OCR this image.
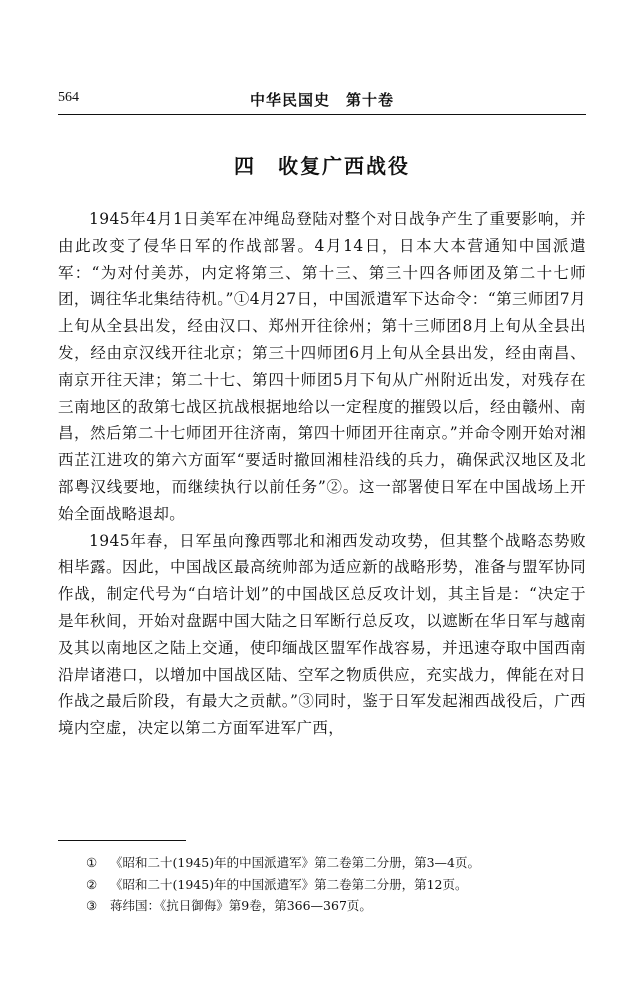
564	中华民国史　第十卷
四　收复广西战役

1945年4月1日美军在冲绳岛登陆对整个对日战争产生了重要影响，并由此改变了侵华日军的作战部署。4月14日，日本大本营通知中国派遣军：“为对付美苏，内定将第三、第十三、第三十四各师团及第二十七师团，调往华北集结待机。”①4月27日，中国派遣军下达命令：“第三师团7月上旬从全县出发，经由汉口、郑州开往徐州；第十三师团8月上旬从全县出发，经由京汉线开往北京；第三十四师团6月上旬从全县出发，经由南昌、南京开往天津；第二十七、第四十师团5月下旬从广州附近出发，对残存在三南地区的敌第七战区抗战根据地给以一定程度的摧毁以后，经由赣州、南昌，然后第二十七师团开往济南，第四十师团开往南京。”并命令刚开始对湘西芷江进攻的第六方面军“要适时撤回湘桂沿线的兵力，确保武汉地区及北部粤汉线要地，而继续执行以前任务”②。这一部署使日军在中国战场上开始全面战略退却。

1945年春，日军虽向豫西鄂北和湘西发动攻势，但其整个战略态势败相毕露。因此，中国战区最高统帅部为适应新的战略形势，准备与盟军协同作战，制定代号为“白培计划”的中国战区总反攻计划，其主旨是：“决定于是年秋间，开始对盘踞中国大陆之日军断行总反攻，以遮断在华日军与越南及其以南地区之陆上交通，使印缅战区盟军作战容易，并迅速夺取中国西南沿岸诸港口，以增加中国战区陆、空军之物质供应，充实战力，俾能在对日作战之最后阶段，有最大之贡献。”③同时，鉴于日军发起湘西战役后，广西境内空虚，决定以第二方面军进军广西，

① 《昭和二十(1945)年的中国派遣军》第二卷第二分册，第3—4页。
② 《昭和二十(1945)年的中国派遣军》第二卷第二分册，第12页。
③ 蒋纬国：《抗日御侮》第9卷，第366—367页。
